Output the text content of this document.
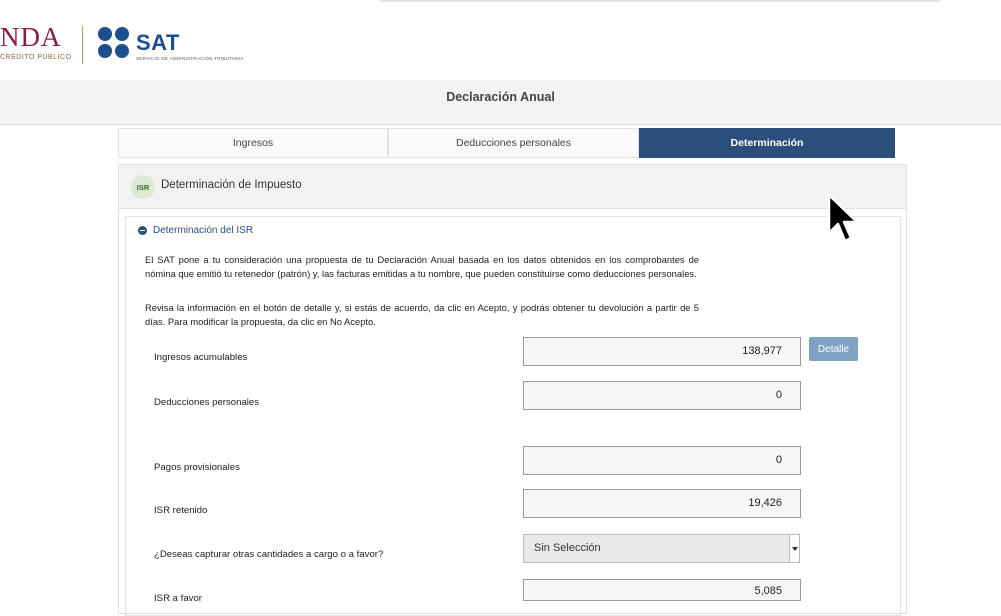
NDA
CRÉDITO PÚBLICO
SAT
SERVICIO DE ADMINISTRACIÓN TRIBUTARIA
Declaración Anual
Ingresos	Deducciones personales	Determinación
ISR	Determinación de Impuesto
Determinación del ISR
El SAT pone a tu consideración una propuesta de tu Declaración Anual basada en los datos obtenidos en los comprobantes de nómina que emitió tu retenedor (patrón) y, las facturas emitidas a tu nombre, que pueden constituirse como deducciones personales.
Revisa la información en el botón de detalle y, si estás de acuerdo, da clic en Acepto, y podrás obtener tu devolución a partir de 5 días. Para modificar la propuesta, da clic en No Acepto.
Ingresos acumulables
138,977	Detalle
Deducciones personales
0
Pagos provisionales
0
ISR retenido
19,426
¿Deseas capturar otras cantidades a cargo o a favor?
Sin Selección
ISR a favor
5,085
